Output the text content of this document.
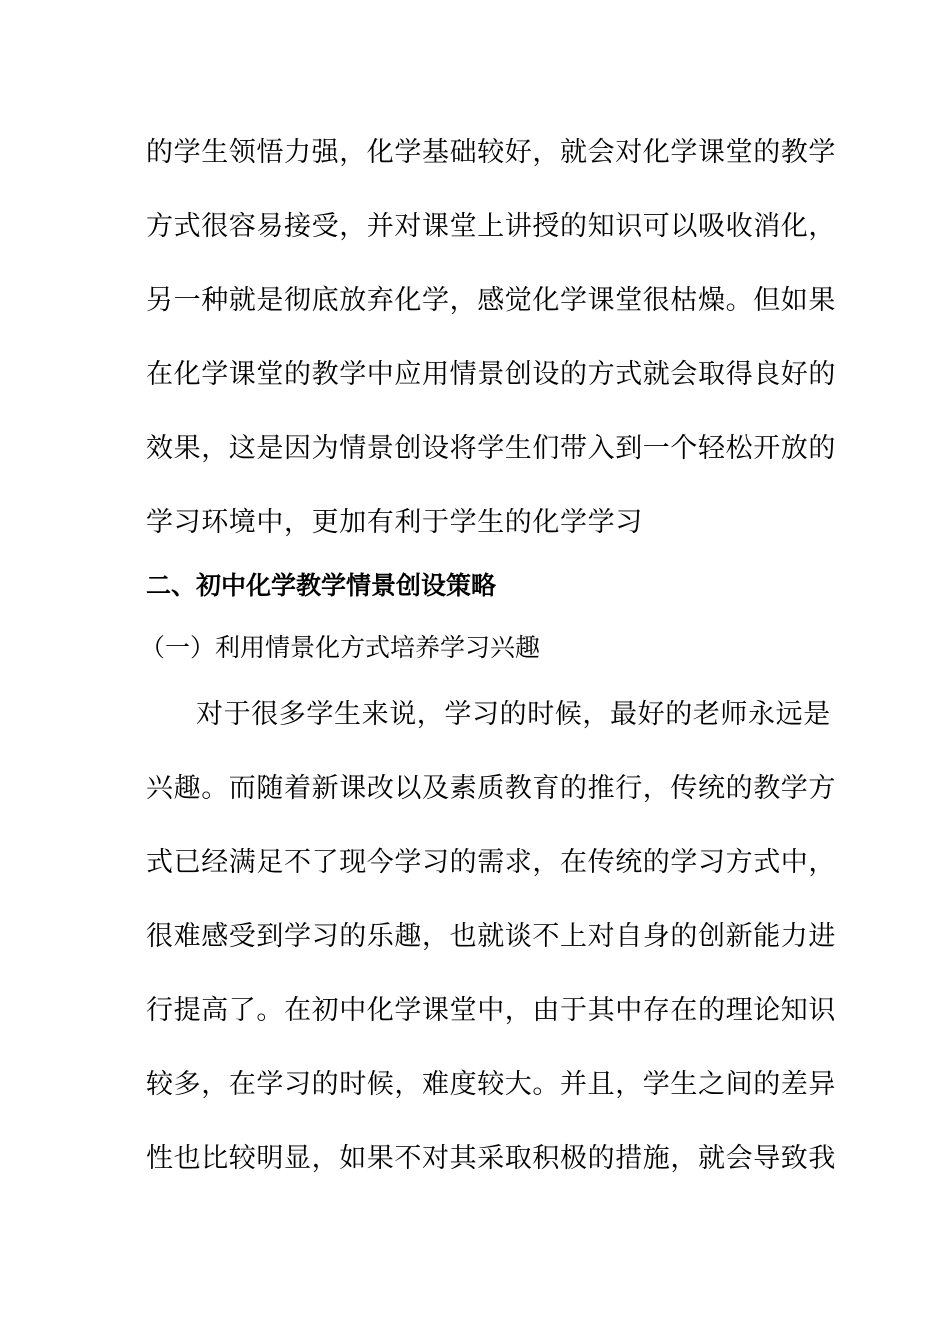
的学生领悟力强，化学基础较好，就会对化学课堂的教学
方式很容易接受，并对课堂上讲授的知识可以吸收消化，
另一种就是彻底放弃化学，感觉化学课堂很枯燥。但如果
在化学课堂的教学中应用情景创设的方式就会取得良好的
效果，这是因为情景创设将学生们带入到一个轻松开放的
学习环境中，更加有利于学生的化学学习
二、初中化学教学情景创设策略
（一）利用情景化方式培养学习兴趣
对于很多学生来说，学习的时候，最好的老师永远是
兴趣。而随着新课改以及素质教育的推行，传统的教学方
式已经满足不了现今学习的需求，在传统的学习方式中，
很难感受到学习的乐趣，也就谈不上对自身的创新能力进
行提高了。在初中化学课堂中，由于其中存在的理论知识
较多，在学习的时候，难度较大。并且，学生之间的差异
性也比较明显，如果不对其采取积极的措施，就会导致我
